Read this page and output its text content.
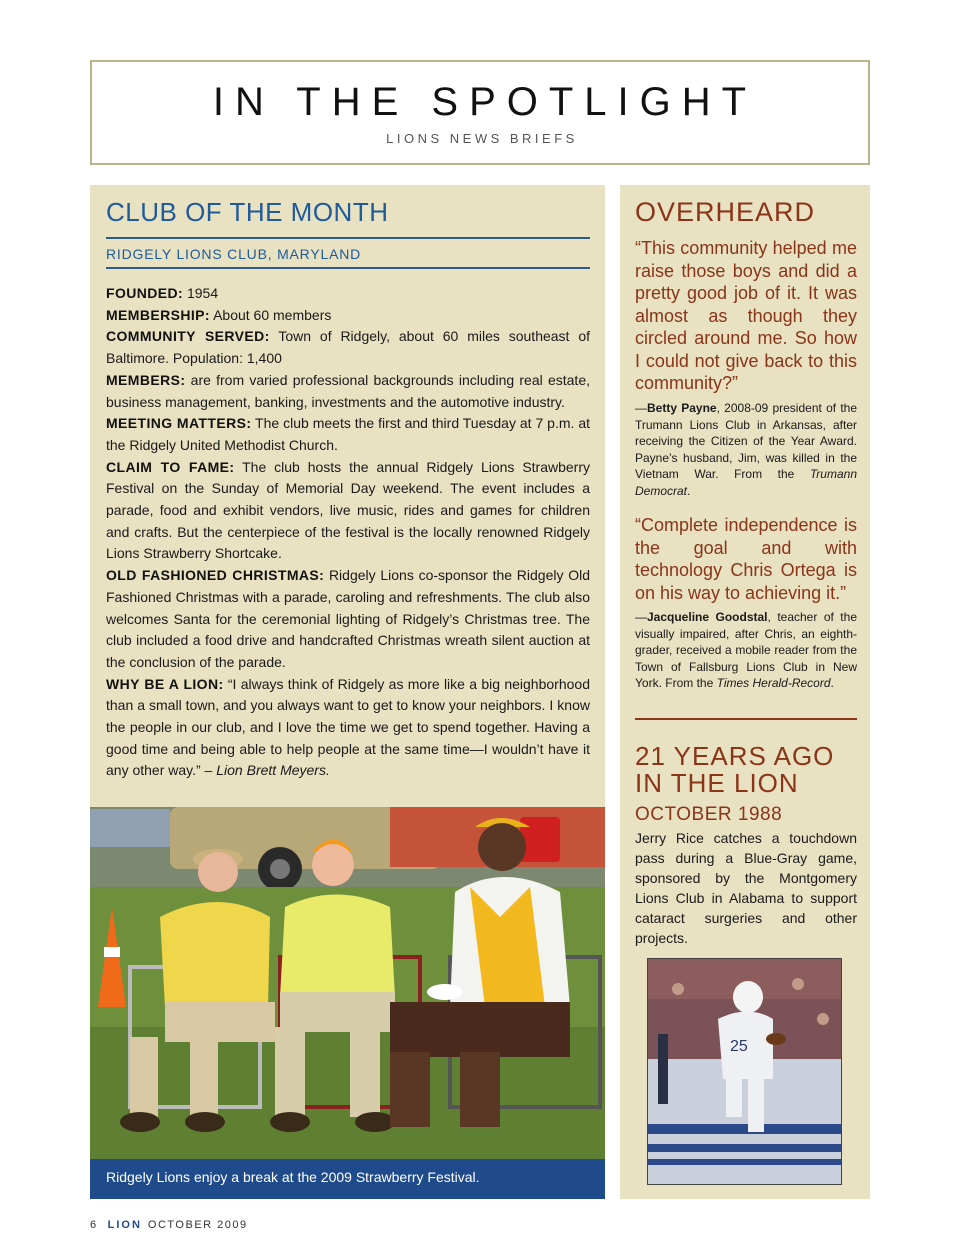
IN THE SPOTLIGHT
LIONS NEWS BRIEFS
CLUB OF THE MONTH
RIDGELY LIONS CLUB, MARYLAND

FOUNDED: 1954

MEMBERSHIP: About 60 members

COMMUNITY SERVED: Town of Ridgely, about 60 miles southeast of Baltimore. Population: 1,400

MEMBERS: are from varied professional backgrounds including real estate, business management, banking, investments and the automotive industry.

MEETING MATTERS: The club meets the first and third Tuesday at 7 p.m. at the Ridgely United Methodist Church.

CLAIM TO FAME: The club hosts the annual Ridgely Lions Strawberry Festival on the Sunday of Memorial Day weekend. The event includes a parade, food and exhibit vendors, live music, rides and games for children and crafts. But the centerpiece of the festival is the locally renowned Ridgely Lions Strawberry Shortcake.

OLD FASHIONED CHRISTMAS: Ridgely Lions co-sponsor the Ridgely Old Fashioned Christmas with a parade, caroling and refreshments. The club also welcomes Santa for the ceremonial lighting of Ridgely’s Christmas tree. The club included a food drive and handcrafted Christmas wreath silent auction at the conclusion of the parade.

WHY BE A LION: “I always think of Ridgely as more like a big neighborhood than a small town, and you always want to get to know your neighbors. I know the people in our club, and I love the time we get to spend together. Having a good time and being able to help people at the same time—I wouldn’t have it any other way.” – Lion Brett Meyers.

Ridgely Lions enjoy a break at the 2009 Strawberry Festival.
OVERHEARD
“This community helped me raise those boys and did a pretty good job of it. It was almost as though they circled around me. So how I could not give back to this community?”
—Betty Payne, 2008-09 president of the Trumann Lions Club in Arkansas, after receiving the Citizen of the Year Award. Payne’s husband, Jim, was killed in the Vietnam War. From the Trumann Democrat.
“Complete independence is the goal and with technology Chris Ortega is on his way to achieving it.”
—Jacqueline Goodstal, teacher of the visually impaired, after Chris, an eighth-grader, received a mobile reader from the Town of Fallsburg Lions Club in New York. From the Times Herald-Record.
21 YEARS AGO IN THE LION
OCTOBER 1988
Jerry Rice catches a touchdown pass during a Blue-Gray game, sponsored by the Montgomery Lions Club in Alabama to support cataract surgeries and other projects.
25
6 LION OCTOBER 2009
